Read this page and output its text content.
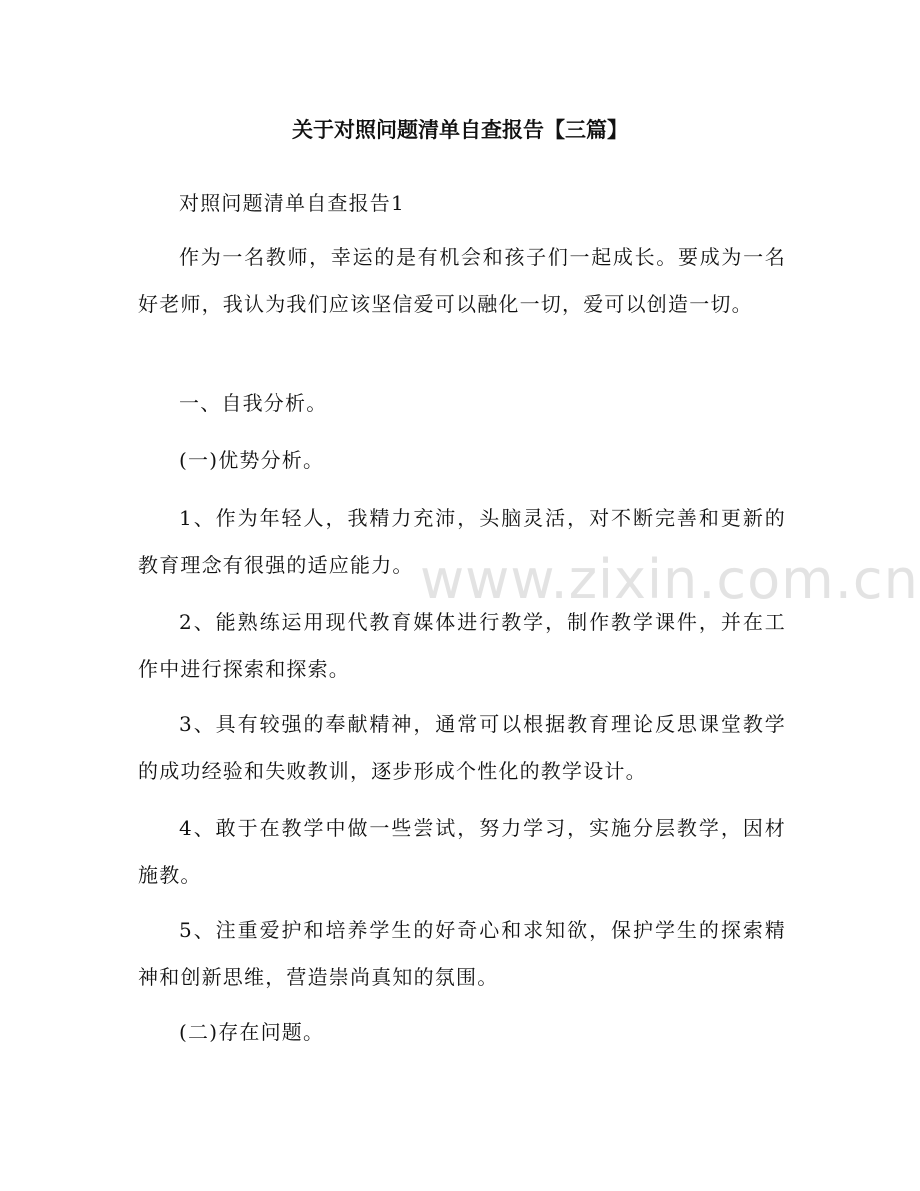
www.zixin.com.cn
关于对照问题清单自查报告【三篇】

对照问题清单自查报告1

作为一名教师，幸运的是有机会和孩子们一起成长。要成为一名好老师，我认为我们应该坚信爱可以融化一切，爱可以创造一切。

一、自我分析。

(一)优势分析。

1、作为年轻人，我精力充沛，头脑灵活，对不断完善和更新的教育理念有很强的适应能力。

2、能熟练运用现代教育媒体进行教学，制作教学课件，并在工作中进行探索和探索。

3、具有较强的奉献精神，通常可以根据教育理论反思课堂教学的成功经验和失败教训，逐步形成个性化的教学设计。

4、敢于在教学中做一些尝试，努力学习，实施分层教学，因材施教。

5、注重爱护和培养学生的好奇心和求知欲，保护学生的探索精神和创新思维，营造崇尚真知的氛围。

(二)存在问题。
